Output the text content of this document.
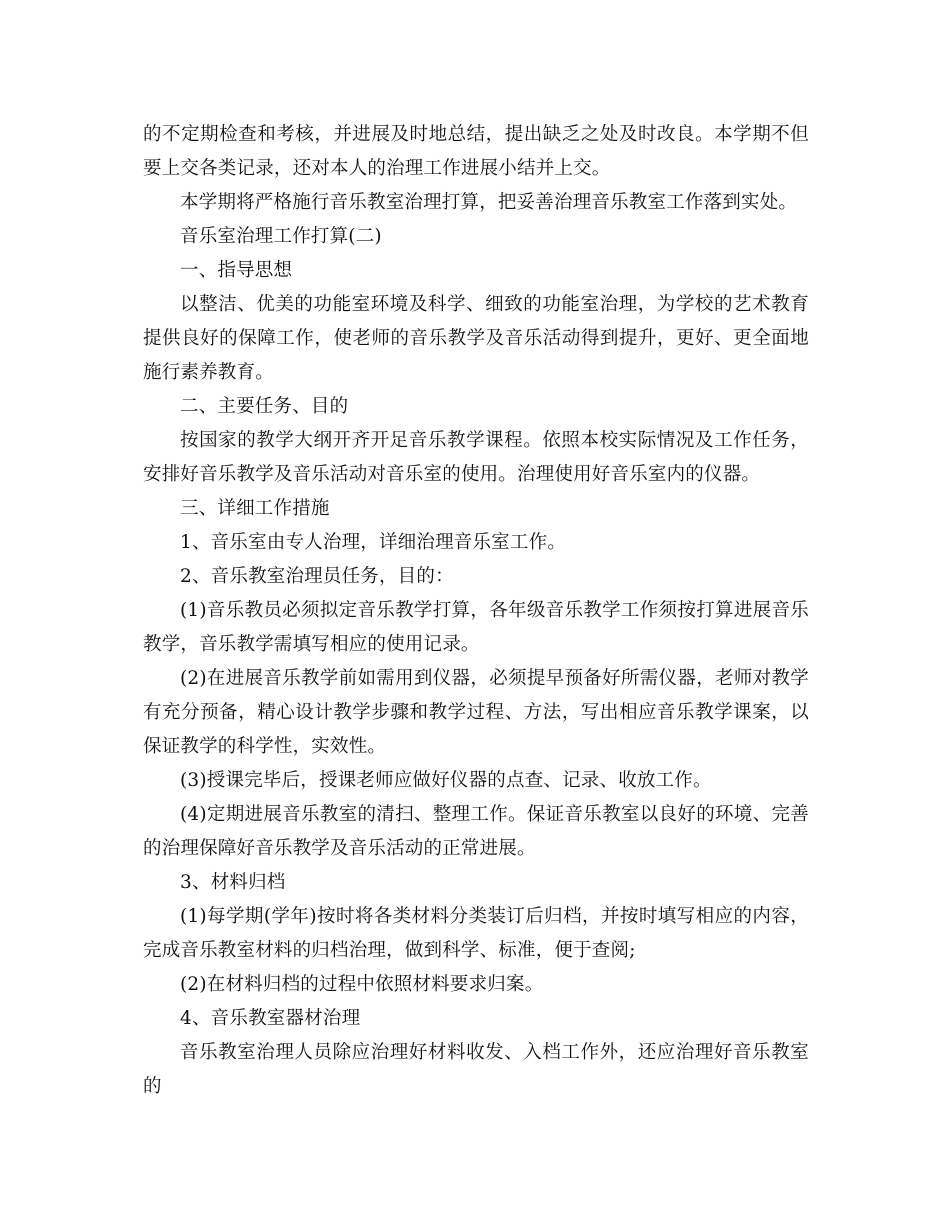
的不定期检查和考核，并进展及时地总结，提出缺乏之处及时改良。本学期不但要上交各类记录，还对本人的治理工作进展小结并上交。

本学期将严格施行音乐教室治理打算，把妥善治理音乐教室工作落到实处。

音乐室治理工作打算(二)

一、指导思想

以整洁、优美的功能室环境及科学、细致的功能室治理，为学校的艺术教育提供良好的保障工作，使老师的音乐教学及音乐活动得到提升，更好、更全面地施行素养教育。

二、主要任务、目的

按国家的教学大纲开齐开足音乐教学课程。依照本校实际情况及工作任务，安排好音乐教学及音乐活动对音乐室的使用。治理使用好音乐室内的仪器。

三、详细工作措施

1、音乐室由专人治理，详细治理音乐室工作。

2、音乐教室治理员任务，目的：

(1)音乐教员必须拟定音乐教学打算，各年级音乐教学工作须按打算进展音乐教学，音乐教学需填写相应的使用记录。

(2)在进展音乐教学前如需用到仪器，必须提早预备好所需仪器，老师对教学有充分预备，精心设计教学步骤和教学过程、方法，写出相应音乐教学课案，以保证教学的科学性，实效性。

(3)授课完毕后，授课老师应做好仪器的点查、记录、收放工作。

(4)定期进展音乐教室的清扫、整理工作。保证音乐教室以良好的环境、完善的治理保障好音乐教学及音乐活动的正常进展。

3、材料归档

(1)每学期(学年)按时将各类材料分类装订后归档，并按时填写相应的内容，完成音乐教室材料的归档治理，做到科学、标准，便于查阅;

(2)在材料归档的过程中依照材料要求归案。

4、音乐教室器材治理

音乐教室治理人员除应治理好材料收发、入档工作外，还应治理好音乐教室的
